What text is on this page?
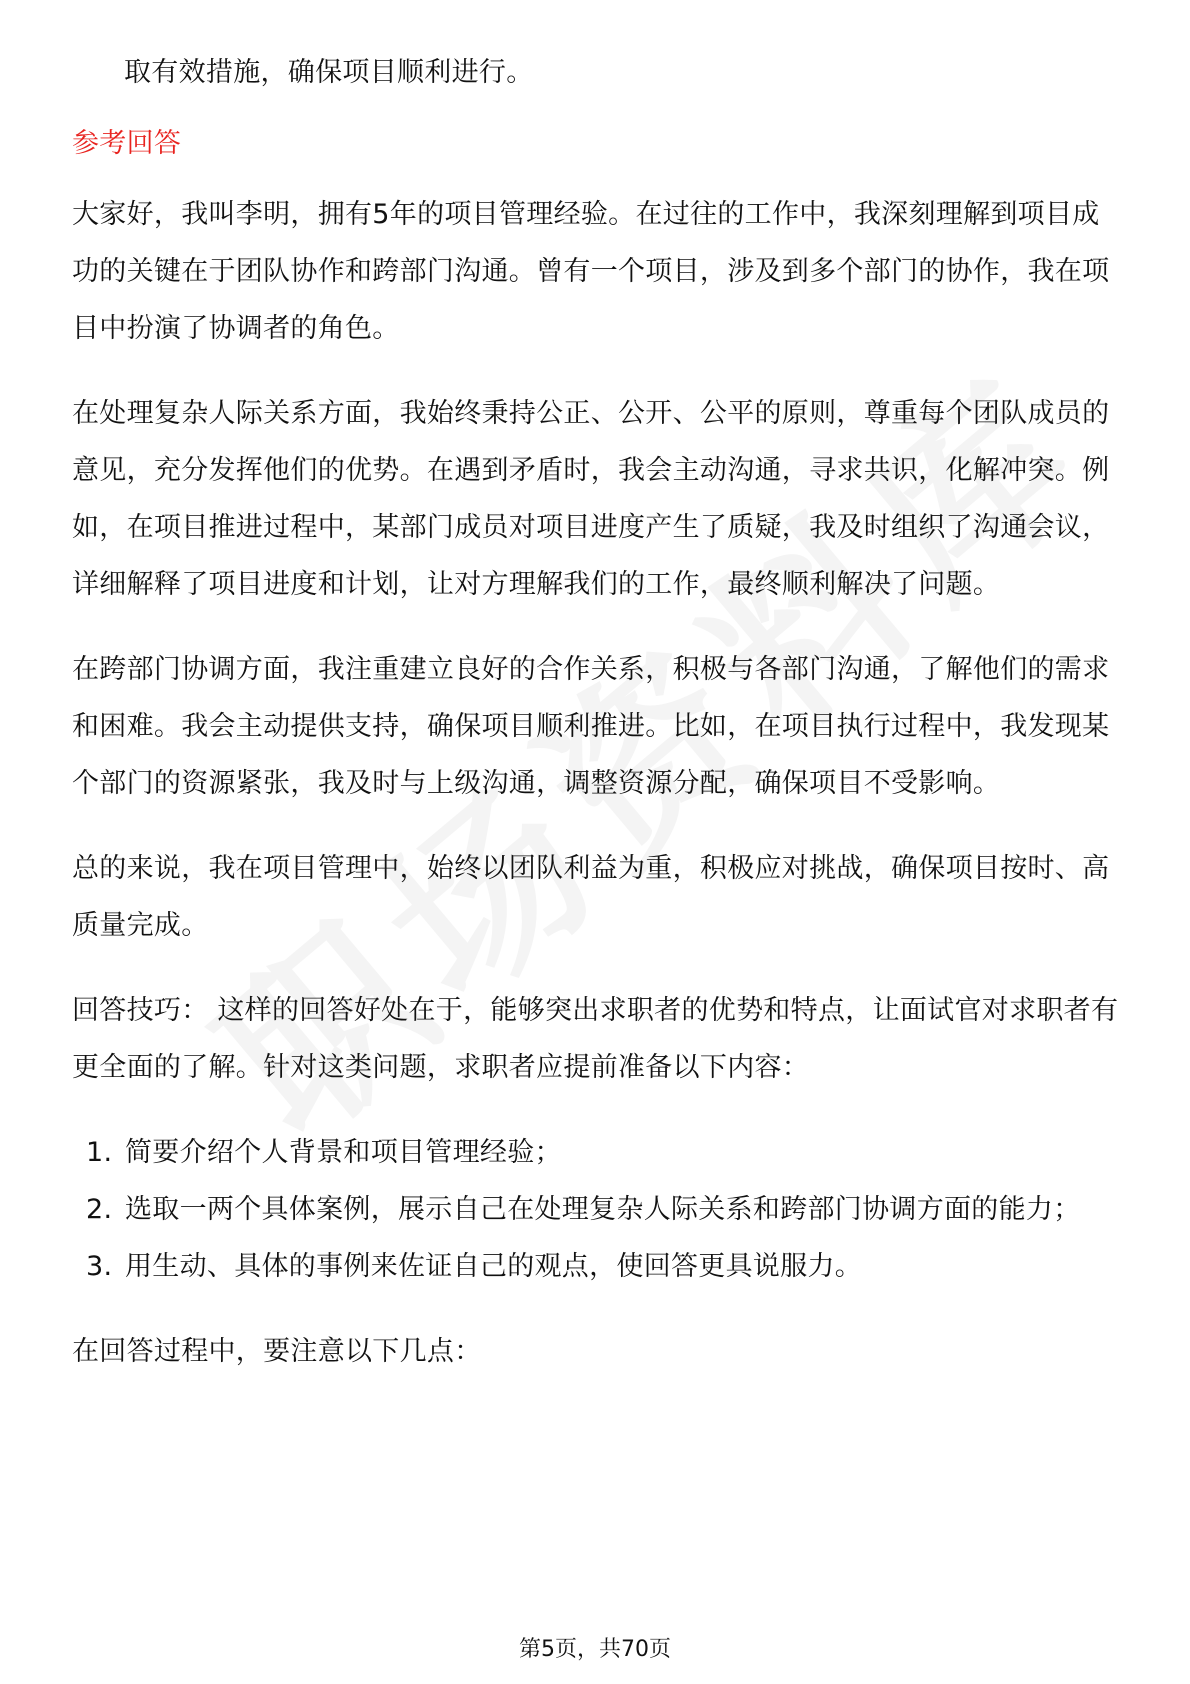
取有效措施，确保项目顺利进行。

参考回答

大家好，我叫李明，拥有5年的项目管理经验。在过往的工作中，我深刻理解到项目成功的关键在于团队协作和跨部门沟通。曾有一个项目，涉及到多个部门的协作，我在项目中扮演了协调者的角色。

在处理复杂人际关系方面，我始终秉持公正、公开、公平的原则，尊重每个团队成员的意见，充分发挥他们的优势。在遇到矛盾时，我会主动沟通，寻求共识，化解冲突。例如，在项目推进过程中，某部门成员对项目进度产生了质疑，我及时组织了沟通会议，详细解释了项目进度和计划，让对方理解我们的工作，最终顺利解决了问题。

在跨部门协调方面，我注重建立良好的合作关系，积极与各部门沟通，了解他们的需求和困难。我会主动提供支持，确保项目顺利推进。比如，在项目执行过程中，我发现某个部门的资源紧张，我及时与上级沟通，调整资源分配，确保项目不受影响。

总的来说，我在项目管理中，始终以团队利益为重，积极应对挑战，确保项目按时、高质量完成。

回答技巧： 这样的回答好处在于，能够突出求职者的优势和特点，让面试官对求职者有更全面的了解。针对这类问题，求职者应提前准备以下内容：

1. 简要介绍个人背景和项目管理经验；
2. 选取一两个具体案例，展示自己在处理复杂人际关系和跨部门协调方面的能力；
3. 用生动、具体的事例来佐证自己的观点，使回答更具说服力。

在回答过程中，要注意以下几点：

第5页，共70页
